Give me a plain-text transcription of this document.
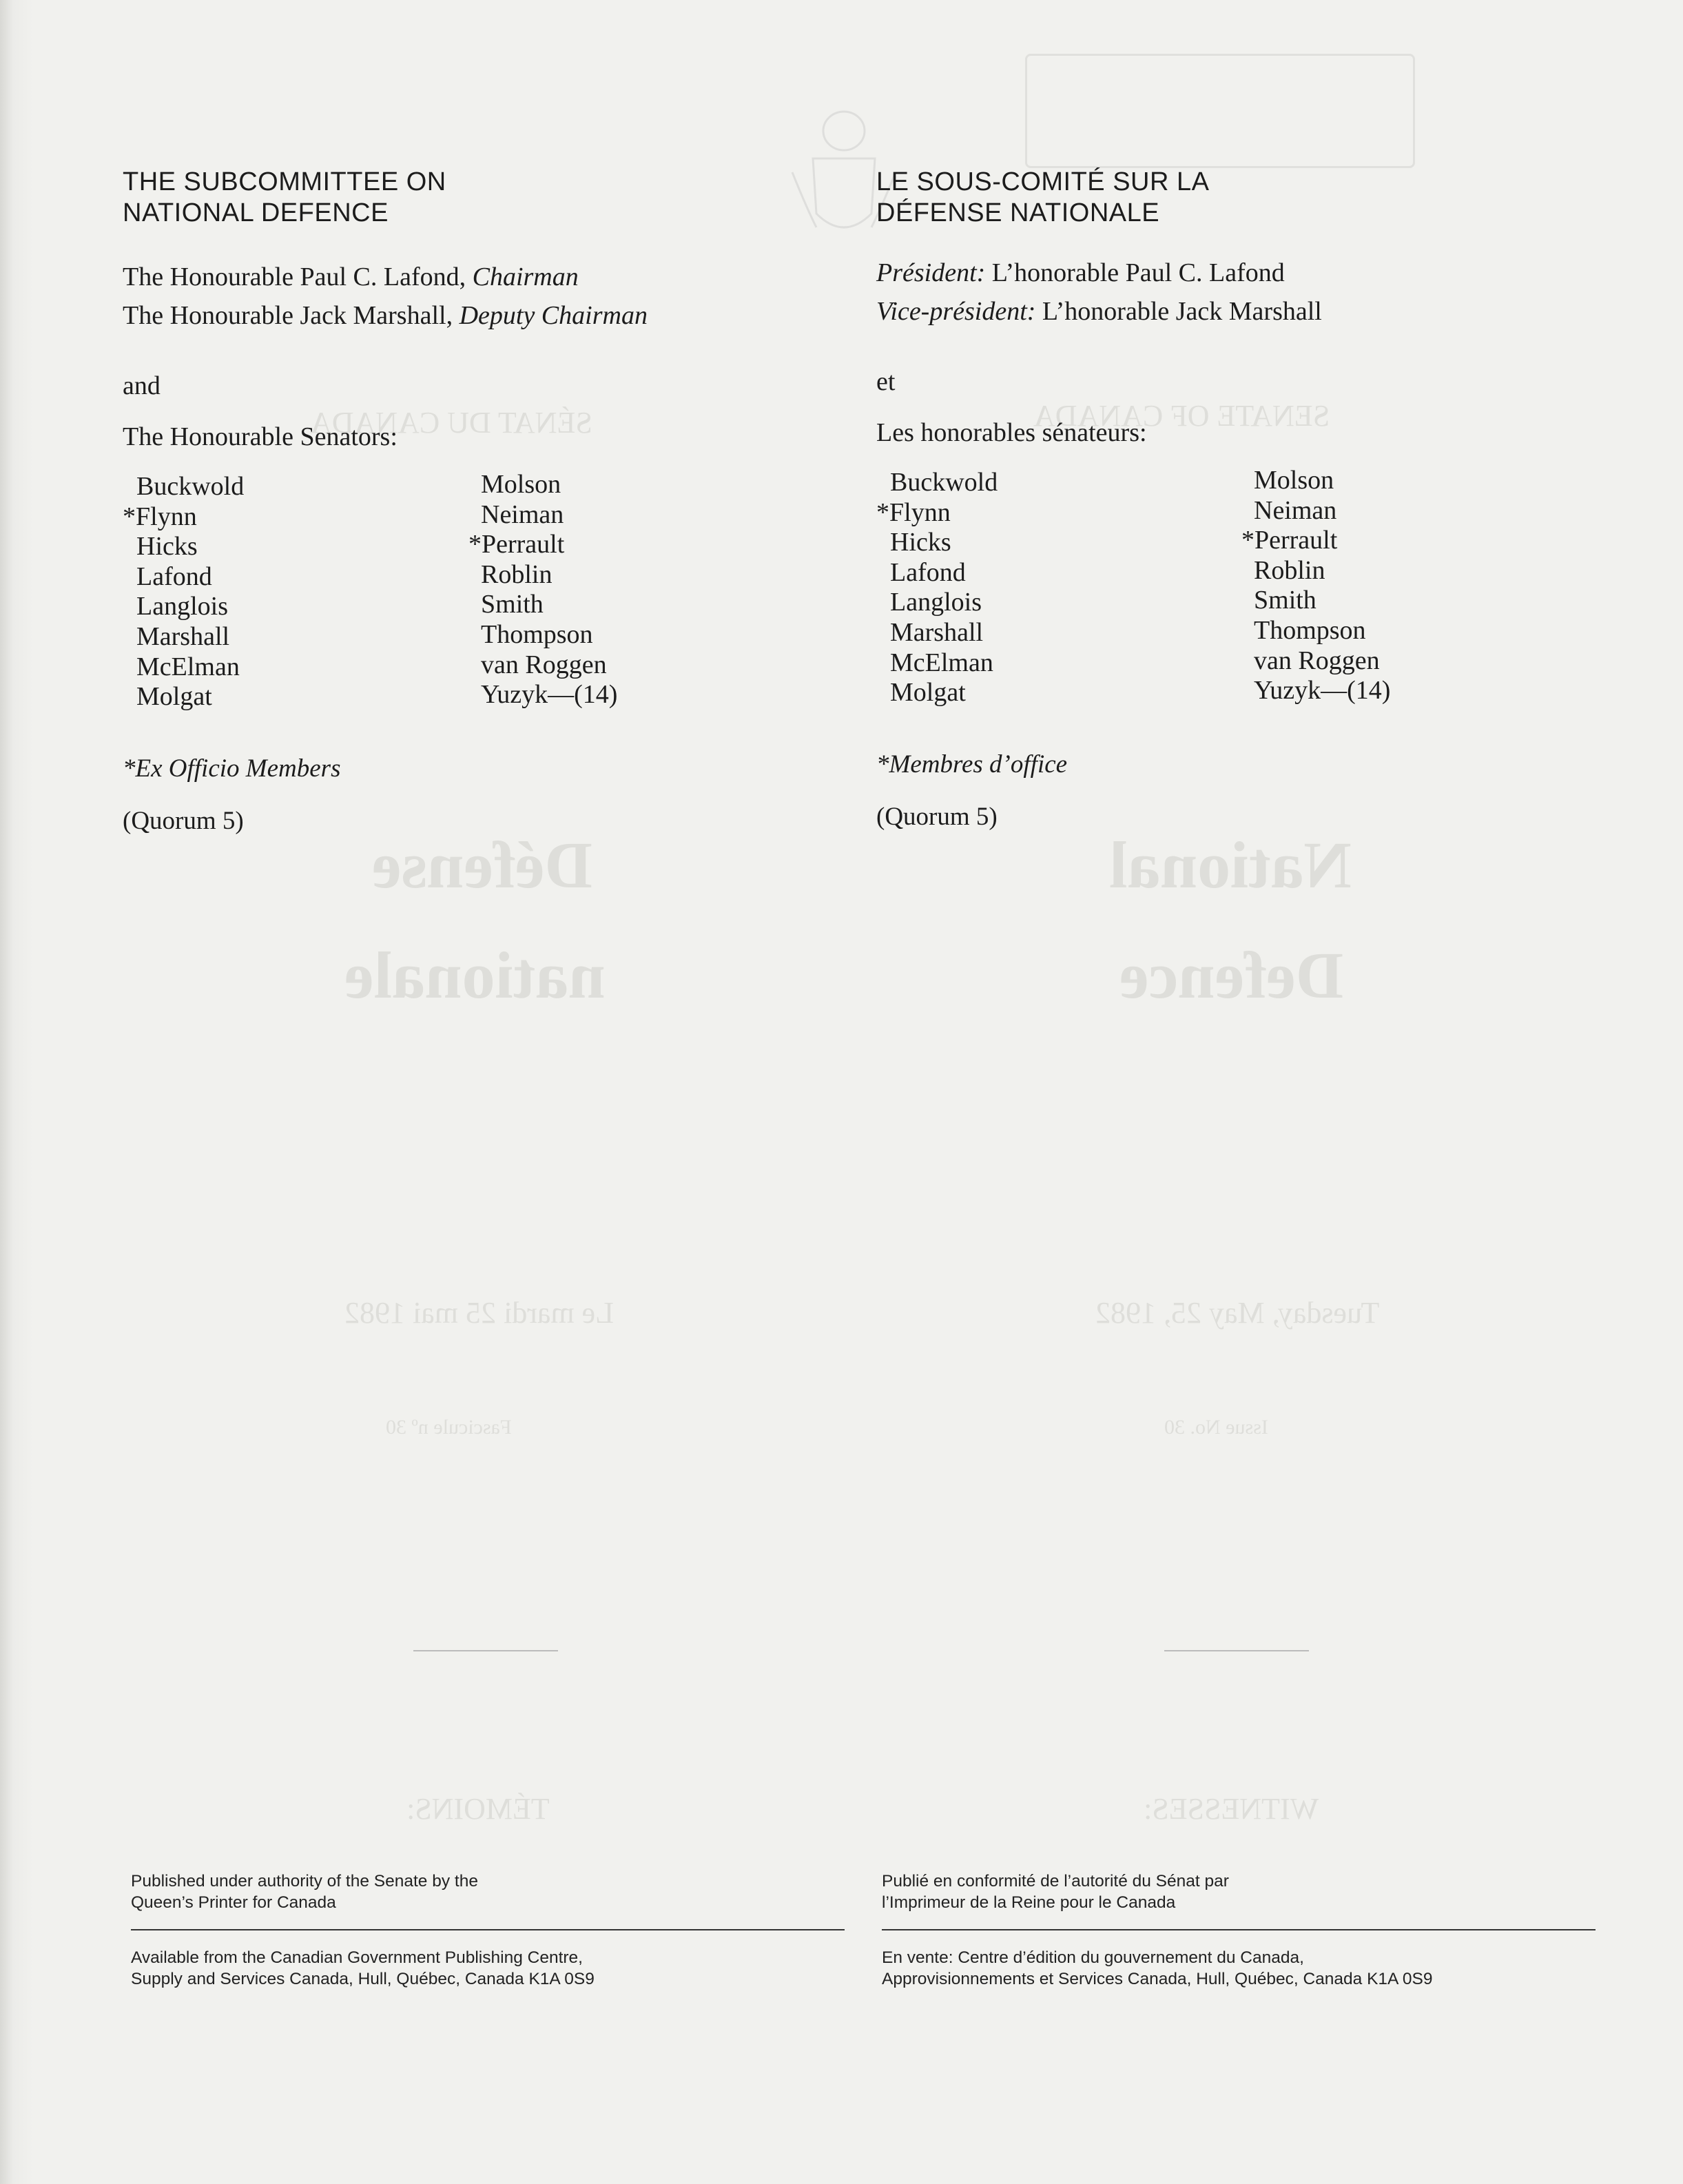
SÉNAT DU CANADA	SENATE OF CANADA
Défense
nationale
National
Defence
Le mardi 25 mai 1982	Tuesday, May 25, 1982
Fascicule nº 30	Issue No. 30
TÉMOINS:	WITNESSES:
THE SUBCOMMITTEE ON
NATIONAL DEFENCE
The Honourable Paul C. Lafond, Chairman
The Honourable Jack Marshall, Deputy Chairman
and
The Honourable Senators:
Buckwold
*Flynn
Hicks
Lafond
Langlois
Marshall
McElman
Molgat
Molson
Neiman
*Perrault
Roblin
Smith
Thompson
van Roggen
Yuzyk—(14)
*Ex Officio Members
(Quorum 5)
LE SOUS-COMITÉ SUR LA
DÉFENSE NATIONALE
Président: L’honorable Paul C. Lafond
Vice-président: L’honorable Jack Marshall
et
Les honorables sénateurs:
Buckwold
*Flynn
Hicks
Lafond
Langlois
Marshall
McElman
Molgat
Molson
Neiman
*Perrault
Roblin
Smith
Thompson
van Roggen
Yuzyk—(14)
*Membres d’office
(Quorum 5)
Published under authority of the Senate by the
Queen’s Printer for Canada
Available from the Canadian Government Publishing Centre,
Supply and Services Canada, Hull, Québec, Canada K1A 0S9
Publié en conformité de l’autorité du Sénat par
l’Imprimeur de la Reine pour le Canada
En vente: Centre d’édition du gouvernement du Canada,
Approvisionnements et Services Canada, Hull, Québec, Canada K1A 0S9
